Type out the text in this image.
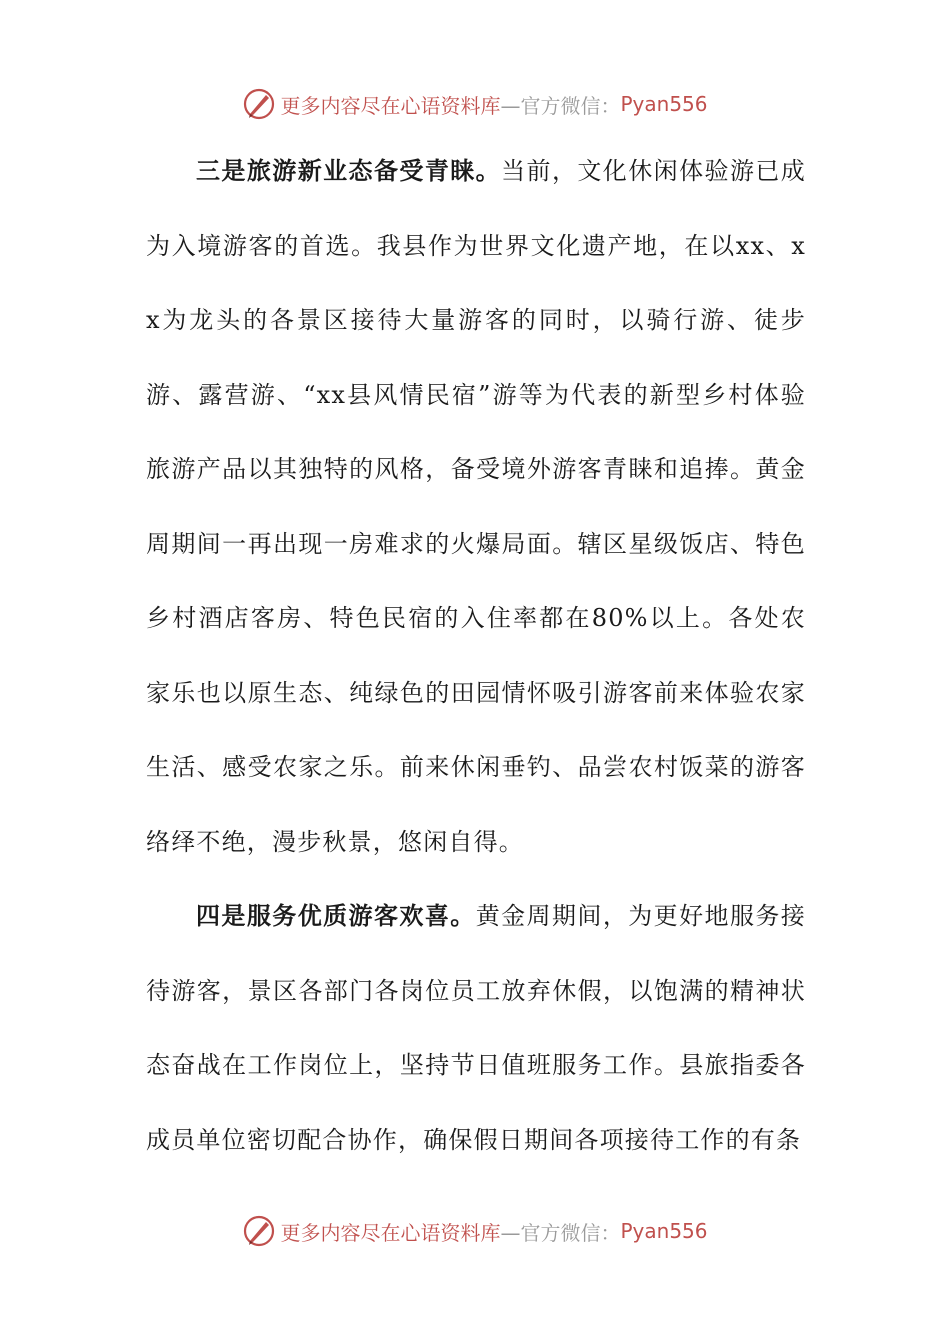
更多内容尽在心语资料库 —官方微信： Pyan556

三是旅游新业态备受青睐。当前，文化休闲体验游已成为入境游客的首选。我县作为世界文化遗产地，在以xx、xx为龙头的各景区接待大量游客的同时，以骑行游、徒步游、露营游、“xx县风情民宿”游等为代表的新型乡村体验旅游产品以其独特的风格，备受境外游客青睐和追捧。黄金周期间一再出现一房难求的火爆局面。辖区星级饭店、特色乡村酒店客房、特色民宿的入住率都在80%以上。各处农家乐也以原生态、纯绿色的田园情怀吸引游客前来体验农家生活、感受农家之乐。前来休闲垂钓、品尝农村饭菜的游客络绎不绝，漫步秋景，悠闲自得。

四是服务优质游客欢喜。黄金周期间，为更好地服务接待游客，景区各部门各岗位员工放弃休假，以饱满的精神状态奋战在工作岗位上，坚持节日值班服务工作。县旅指委各成员单位密切配合协作，确保假日期间各项接待工作的有条

更多内容尽在心语资料库 —官方微信： Pyan556
